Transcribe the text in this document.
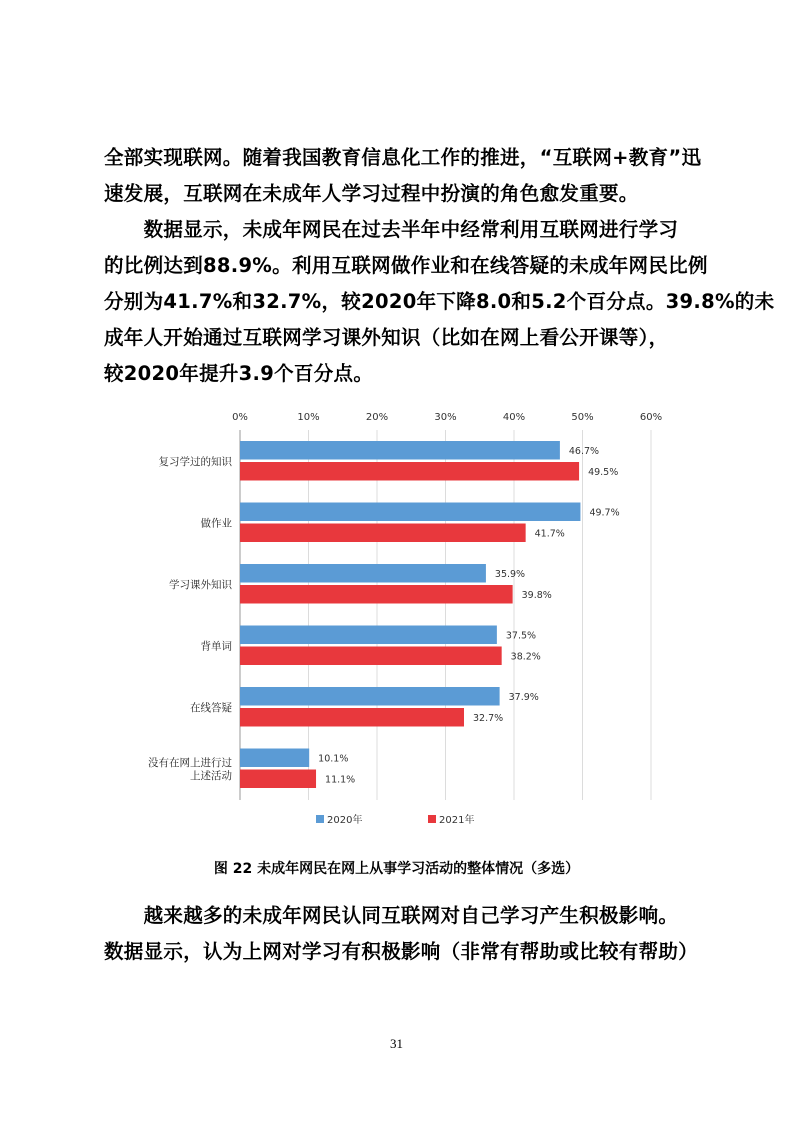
全部实现联网。随着我国教育信息化工作的推进，“互联网+教育”迅

速发展，互联网在未成年人学习过程中扮演的角色愈发重要。

　　数据显示，未成年网民在过去半年中经常利用互联网进行学习

的比例达到88.9%。利用互联网做作业和在线答疑的未成年网民比例

分别为41.7%和32.7%，较2020年下降8.0和5.2个百分点。39.8%的未

成年人开始通过互联网学习课外知识（比如在网上看公开课等），

较2020年提升3.9个百分点。

0%	10%	20%	30%	40%	50%	60%
46.7%
49.5%
复习学过的知识
49.7%
41.7%
做作业
35.9%
39.8%
学习课外知识
37.5%
38.2%
背单词
37.9%
32.7%
在线答疑
10.1%
11.1%
没有在网上进行过
上述活动
2020年	2021年
图 22 未成年网民在网上从事学习活动的整体情况（多选）

　　越来越多的未成年网民认同互联网对自己学习产生积极影响。

数据显示，认为上网对学习有积极影响（非常有帮助或比较有帮助）

31
